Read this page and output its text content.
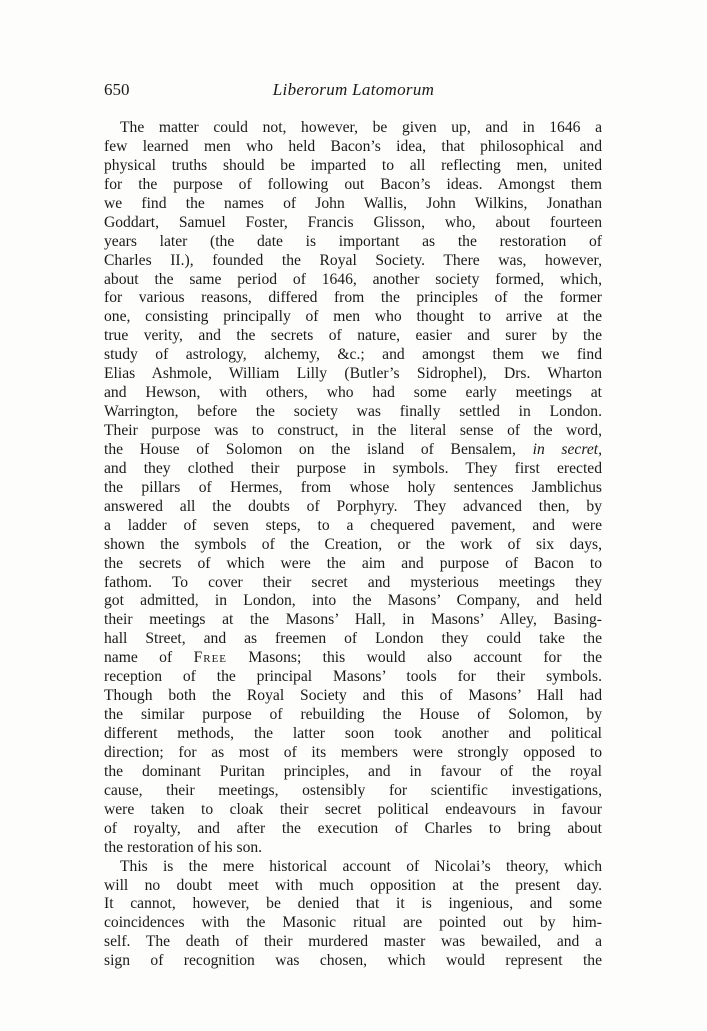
650	Liberorum Latomorum

The matter could not, however, be given up, and in 1646 a
few learned men who held Bacon’s idea, that philosophical and
physical truths should be imparted to all reflecting men, united
for the purpose of following out Bacon’s ideas. Amongst them
we find the names of John Wallis, John Wilkins, Jonathan
Goddart, Samuel Foster, Francis Glisson, who, about fourteen
years later (the date is important as the restoration of
Charles II.), founded the Royal Society. There was, however,
about the same period of 1646, another society formed, which,
for various reasons, differed from the principles of the former
one, consisting principally of men who thought to arrive at the
true verity, and the secrets of nature, easier and surer by the
study of astrology, alchemy, &c.; and amongst them we find
Elias Ashmole, William Lilly (Butler’s Sidrophel), Drs. Wharton
and Hewson, with others, who had some early meetings at
Warrington, before the society was finally settled in London.
Their purpose was to construct, in the literal sense of the word,
the House of Solomon on the island of Bensalem, in secret,
and they clothed their purpose in symbols. They first erected
the pillars of Hermes, from whose holy sentences Jamblichus
answered all the doubts of Porphyry. They advanced then, by
a ladder of seven steps, to a chequered pavement, and were
shown the symbols of the Creation, or the work of six days,
the secrets of which were the aim and purpose of Bacon to
fathom. To cover their secret and mysterious meetings they
got admitted, in London, into the Masons’ Company, and held
their meetings at the Masons’ Hall, in Masons’ Alley, Basing-
hall Street, and as freemen of London they could take the
name of Free Masons; this would also account for the
reception of the principal Masons’ tools for their symbols.
Though both the Royal Society and this of Masons’ Hall had
the similar purpose of rebuilding the House of Solomon, by
different methods, the latter soon took another and political
direction; for as most of its members were strongly opposed to
the dominant Puritan principles, and in favour of the royal
cause, their meetings, ostensibly for scientific investigations,
were taken to cloak their secret political endeavours in favour
of royalty, and after the execution of Charles to bring about
the restoration of his son.

This is the mere historical account of Nicolai’s theory, which
will no doubt meet with much opposition at the present day.
It cannot, however, be denied that it is ingenious, and some
coincidences with the Masonic ritual are pointed out by him-
self. The death of their murdered master was bewailed, and a
sign of recognition was chosen, which would represent the
